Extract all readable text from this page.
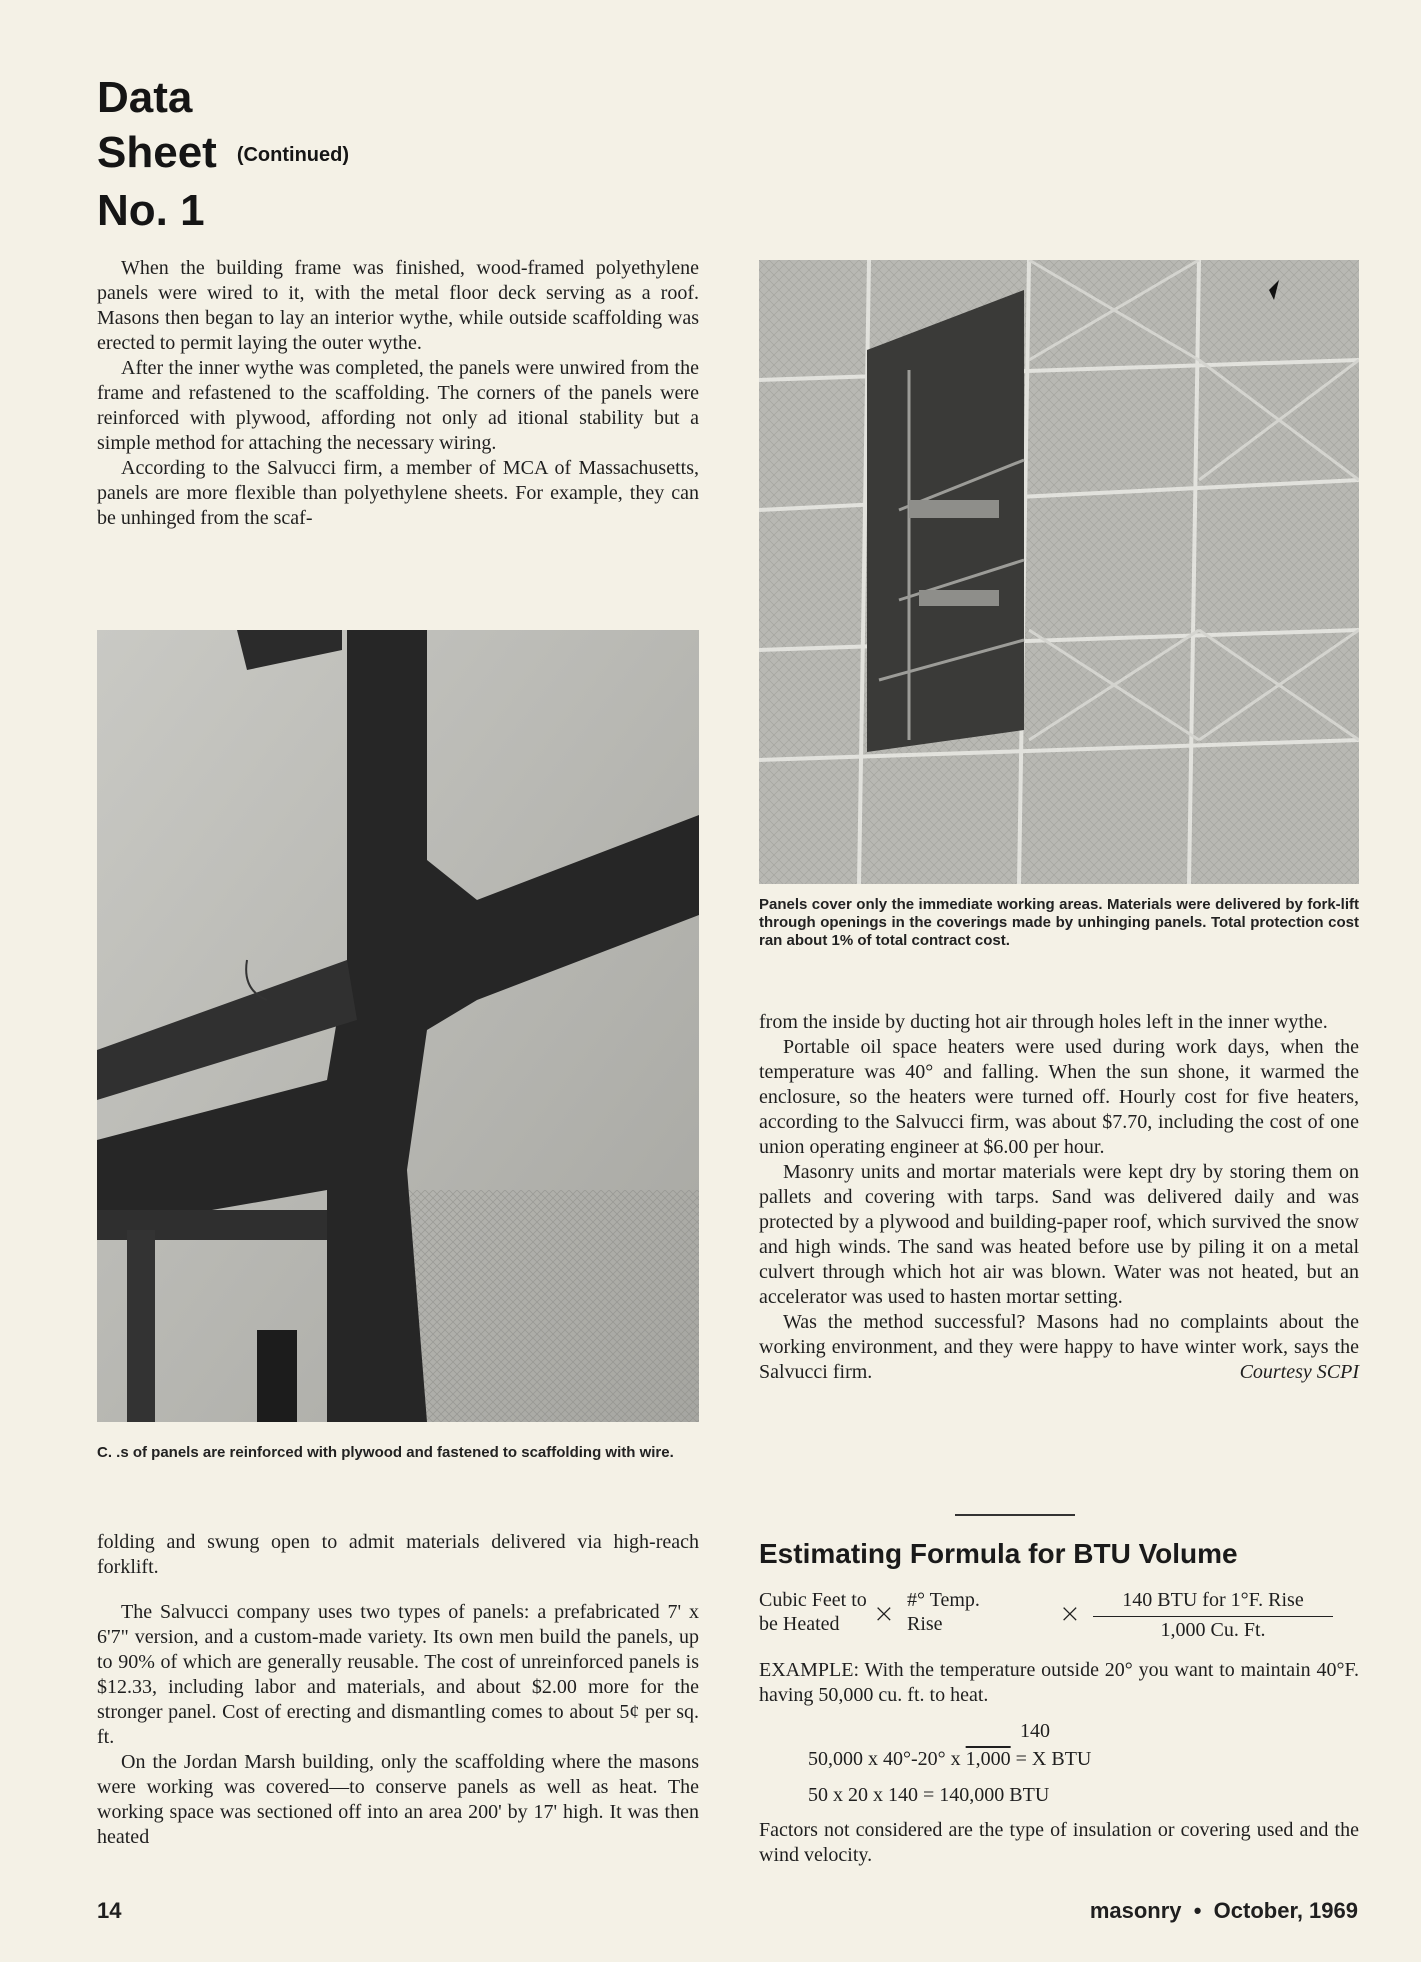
Data
Sheet (Continued)
No. 1

When the building frame was finished, wood-framed polyethylene panels were wired to it, with the metal floor deck serving as a roof. Masons then began to lay an interior wythe, while outside scaffolding was erected to permit laying the outer wythe.

After the inner wythe was completed, the panels were unwired from the frame and refastened to the scaffolding. The corners of the panels were reinforced with plywood, affording not only ad itional stability but a simple method for attaching the necessary wiring.

According to the Salvucci firm, a member of MCA of Massachusetts, panels are more flexible than polyethylene sheets. For example, they can be unhinged from the scaf-

C. .s of panels are reinforced with plywood and fastened to scaffolding with wire.

folding and swung open to admit materials delivered via high-reach forklift.

The Salvucci company uses two types of panels: a prefabricated 7' x 6'7" version, and a custom-made variety. Its own men build the panels, up to 90% of which are generally reusable. The cost of unreinforced panels is $12.33, including labor and materials, and about $2.00 more for the stronger panel. Cost of erecting and dismantling comes to about 5¢ per sq. ft.

On the Jordan Marsh building, only the scaffolding where the masons were working was covered—to conserve panels as well as heat. The working space was sectioned off into an area 200' by 17' high. It was then heated

Panels cover only the immediate working areas. Materials were delivered by fork-lift through openings in the coverings made by unhinging panels. Total protection cost ran about 1% of total contract cost.

from the inside by ducting hot air through holes left in the inner wythe.

Portable oil space heaters were used during work days, when the temperature was 40° and falling. When the sun shone, it warmed the enclosure, so the heaters were turned off. Hourly cost for five heaters, according to the Salvucci firm, was about $7.70, including the cost of one union operating engineer at $6.00 per hour.

Masonry units and mortar materials were kept dry by storing them on pallets and covering with tarps. Sand was delivered daily and was protected by a plywood and building-paper roof, which survived the snow and high winds. The sand was heated before use by piling it on a metal culvert through which hot air was blown. Water was not heated, but an accelerator was used to hasten mortar setting.

Was the method successful? Masons had no complaints about the working environment, and they were happy to have winter work, says the Salvucci firm.	Courtesy SCPI

Estimating Formula for BTU Volume
Cubic Feet to
be Heated	× #° Temp.
Rise	×	140 BTU for 1°F. Rise
1,000 Cu. Ft.
EXAMPLE: With the temperature outside 20° you want to maintain 40°F. having 50,000 cu. ft. to heat.
140
50,000 x 40°-20° x 1,000 = X BTU
50 x 20 x 140 = 140,000 BTU
Factors not considered are the type of insulation or covering used and the wind velocity.
14	masonry  •  October, 1969
